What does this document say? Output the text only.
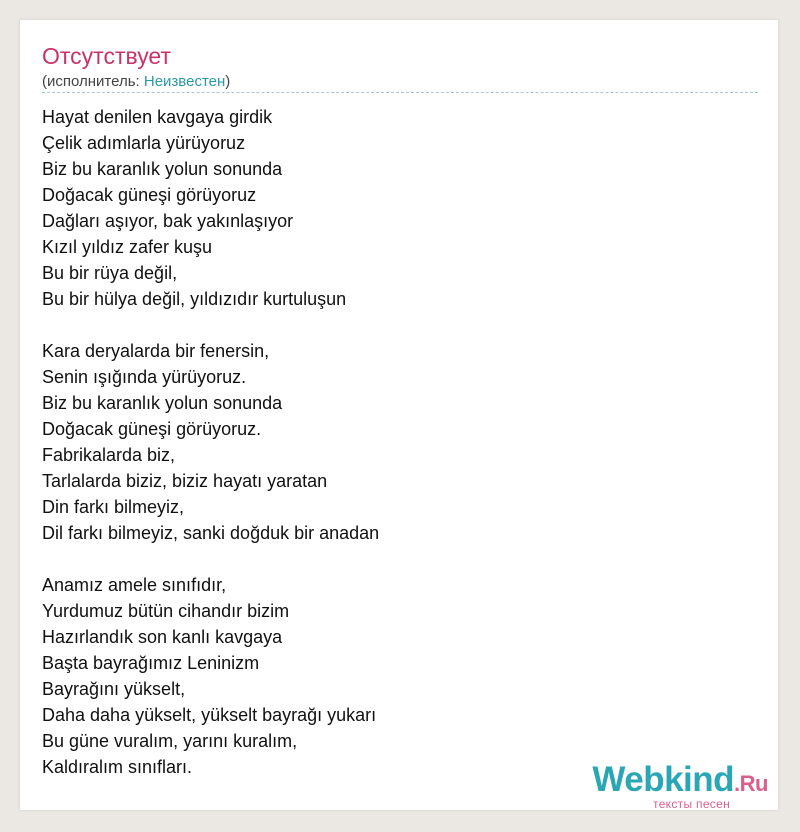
Отсутствует
(исполнитель: Неизвестен)
Hayat denilen kavgaya girdik
Çelik adımlarla yürüyoruz
Biz bu karanlık yolun sonunda
Doğacak güneşi görüyoruz
Dağları aşıyor, bak yakınlaşıyor
Kızıl yıldız zafer kuşu
Bu bir rüya değil,
Bu bir hülya değil, yıldızıdır kurtuluşun
Kara deryalarda bir fenersin,
Senin ışığında yürüyoruz.
Biz bu karanlık yolun sonunda
Doğacak güneşi görüyoruz.
Fabrikalarda biz,
Tarlalarda biziz, biziz hayatı yaratan
Din farkı bilmeyiz,
Dil farkı bilmeyiz, sanki doğduk bir anadan
Anamız amele sınıfıdır,
Yurdumuz bütün cihandır bizim
Hazırlandık son kanlı kavgaya
Başta bayrağımız Leninizm
Bayrağını yükselt,
Daha daha yükselt, yükselt bayrağı yukarı
Bu güne vuralım, yarını kuralım,
Kaldıralım sınıfları.	Webkind.Ru
тексты песен
